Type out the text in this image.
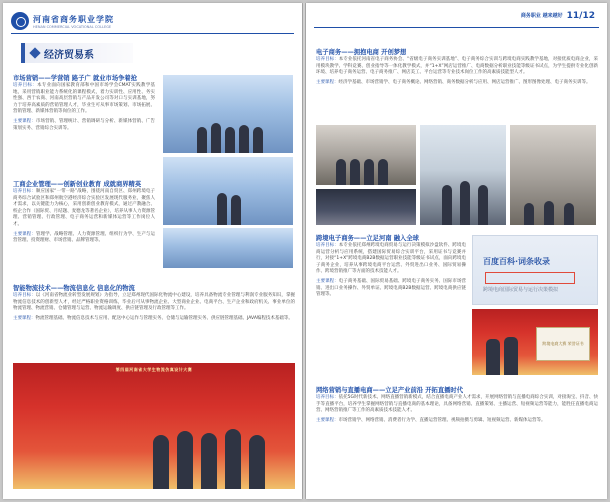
河南省商务职业学院
HENAN COMMERCIAL VOCATIONAL COLLEGE
经济贸易系
市场营销——学营销 路子广 就业市场争着抢

培养目标：本专业面向国家教育部和中国市场学会CMAT实践教学基地，采用营销职业能力系统化的课程模式，着力实训性、应用性、务实性强、西于农商、河南高层营销与产品开发公司等对口与实训基地，努力于培养高素质的营销管理人才，毕业生可从事市场策划、市场拓展、营销管理、新媒体营销等岗位的工作。

主要课程：市场营销、管理统计、营销调研与分析、新媒体营销、广告策划实务、营销综合实训等。

工商企业管理——创新创业教育 成就商界精英

培养目标：顺应国家“一带一路”战略，围绕河南自贸区、郑州跨境电子商务综合试验区和郑州航空港经济综合实验区发展现代服务业，聚焦人才需求，以关键能力为核心，采用创新创业教育模式，通过产教融合、校企合作（国际贸、月结题、麦德龙等著名企业），培养从事人力资源管理、营销管理、行政管理、电子商务运营和新媒体运营等工作岗位人才。

主要课程：管理学、战略管理、人力资源管理、组织行为学、生产与运营管理、投资理财、市场营销、品牌管理等。

智能物流技术——物流信息化 信息化的物流

培养目标：以《河南省物流业转型发展规划》为指导，立足郑州现代国际化物流中心建设，培养具备物流专业管理与利润专业服务知识，掌握物流信息技术的创新型人才，经过严格职业资格训练，毕业后可从事物流企业、大型商业企业、电商平台、生产企业和政府机关、事业单位的物流管理、物流营销、仓储管理与运营、物流运输调度、供应链管理及行政管理等工作。

主要课程：物流管理基础、物流信息技术与应用、配送中心运作与管理实务、仓储与运输管理实务、供应链管理基础、JAVA编程技术基础等。

第四届河南省大学生物流仿真设计大赛
商务职业 越来越好 11/12
电子商务——拥抱电商 开创梦想

培养目标：本专业依托河南省电子商务协会、“省级电子商务实训基地”、电子商务综合实训与跨境电商实践教学基地，对接优质电商企业，采用模块教学、学科竞赛、创业指导等一体化教学模式，并“1+X”网店运营推广、电商数据分析职业技能等级证书试点，为学生提供专业化创新环境、培养电子商务运营、电子商务推广、网店美工、平台运营等专业技术岗位工作的高素质技能型人才。

主要课程：经济学基础、市场营销学、电子商务概论、网络营销、商务数据分析与应用、网店运营推广、图形图像处理、电子商务实训等。

跨境电子商务——立足河南 融入全球

培养目标：本专业依托郑州跨境电商贸易与运行决策模拟沙盘软件、跨境电商运营分析与应用系统，搭建国际贸易综合实训平台，采用证书与竞赛并行，对接“1+X”跨境电商B2B数据运营职业技能等级证书试点，面向跨境电子商务企业，培养从事跨境电商平台运营、外贸进出口业务、国际贸易操作、跨境营销推广等方面的技术技能人才。

主要课程：电子商务基础、国际贸易基础、跨境电子商务实务、国际市场营销、进出口业务操作、外贸单证、跨境电商B2B数据运营、跨境电商供应链管理等。

百度百科·词条收录
跨境电商国际贸易与运行决策模拟
跨境电商大赛 荣誉证书
网络营销与直播电商——立足产业前沿 开拓直播时代

培养目标：依托5G时代新技术、网络直播营销新模式，结合直播电商产业人才需求，开展网络营销与直播电商综合实训，对接淘宝、抖音、快手等直播平台，培养学生掌握网络营销与直播电商的基本理论，具备网络营销、直播策划、主播运营、短视频运营等能力，能胜任直播电商运营、网络营销推广等工作的高素质技术技能人才。

主要课程：市场营销学、网络营销、消费者行为学、直播运营管理、视频拍摄与剪辑、短视频运营、新媒体运营等。
